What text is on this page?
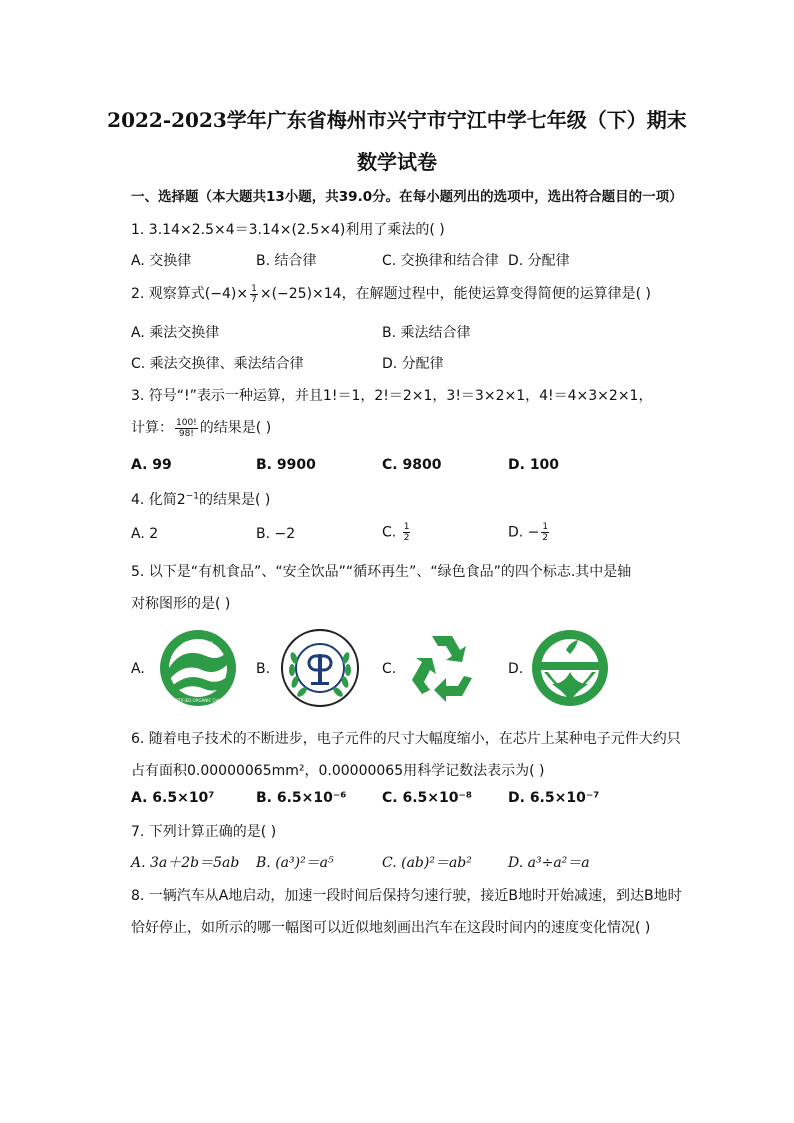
2022-2023学年广东省梅州市兴宁市宁江中学七年级（下）期末
数学试卷
一、选择题（本大题共13小题，共39.0分。在每小题列出的选项中，选出符合题目的一项）
1. 3.14×2.5×4＝3.14×(2.5×4)利用了乘法的( )
A. 交换律	B. 结合律	C. 交换律和结合律 D. 分配律
2. 观察算式$(-4)\times \frac{1}{7} \times(-25)\times 14$，在解题过程中，能使运算变得简便的运算律是( )
A. 乘法交换律	B. 乘法结合律
C. 乘法交换律、乘法结合律	D. 分配律
3. 符号“!”表示一种运算，并且1!＝1，2!＝2×1，3!＝3×2×1，4!＝4×3×2×1，
计算： $\frac{100!}{98!}$ 的结果是( )
A. 99	B. 9900	C. 9800	D. 100
4. 化简$2^{-1}$的结果是( )
A. 2	B. −2	C. $\frac{1}{2}$	D. − $\frac{1}{2}$
5. 以下是“有机食品”、“安全饮品”“循环再生”、“绿色食品”的四个标志.其中是轴
对称图形的是( )
A.	B.	C.	D.
有机食品
CERTIFIED ORGANIC CHINA
6. 随着电子技术的不断进步，电子元件的尺寸大幅度缩小，在芯片上某种电子元件大约只
占有面积0.00000065mm²，0.00000065用科学记数法表示为( )
A. 6.5×10⁷	B. 6.5×10⁻⁶	C. 6.5×10⁻⁸	D. 6.5×10⁻⁷
7. 下列计算正确的是( )
A. 3a＋2b＝5ab B. (a³)²＝a⁵	C. (ab)²＝ab²	D. a³÷a²＝a
8. 一辆汽车从A地启动，加速一段时间后保持匀速行驶，接近B地时开始减速，到达B地时
恰好停止，如所示的哪一幅图可以近似地刻画出汽车在这段时间内的速度变化情况( )
